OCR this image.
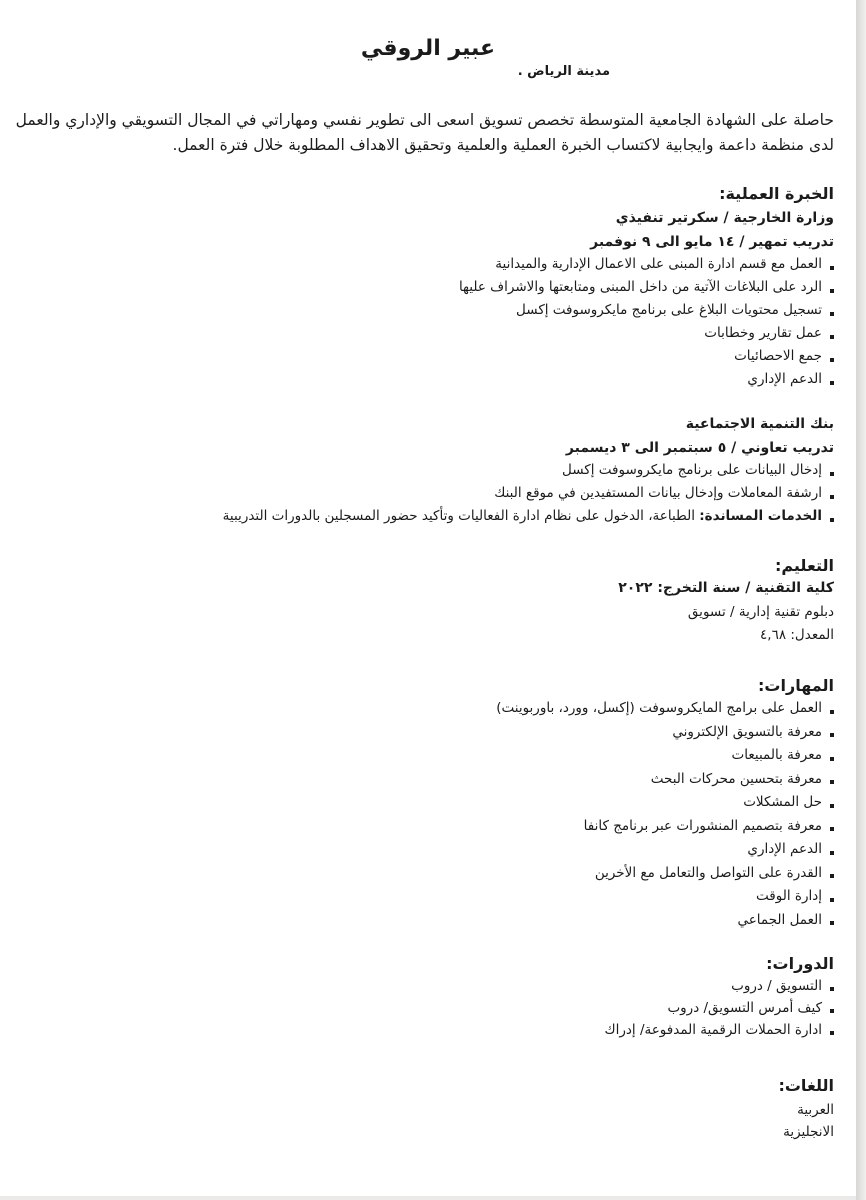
عبير الروقي
مدينة الرياض .
حاصلة على الشهادة الجامعية المتوسطة تخصص تسويق اسعى الى تطوير نفسي ومهاراتي في المجال التسويقي والإداري والعمل لدى منظمة داعمة وايجابية لاكتساب الخبرة العملية والعلمية وتحقيق الاهداف المطلوبة خلال فترة العمل.
الخبرة العملية:
وزارة الخارجية / سكرتير تنفيذي
تدريب تمهير / ١٤ مايو الى ٩ نوفمبر
العمل مع قسم ادارة المبنى على الاعمال الإدارية والميدانية
الرد على البلاغات الآتية من داخل المبنى ومتابعتها والاشراف عليها
تسجيل محتويات البلاغ على برنامج مايكروسوفت إكسل
عمل تقارير وخطابات
جمع الاحصائيات
الدعم الإداري
بنك التنمية الاجتماعية
تدريب تعاوني / ٥ سبتمبر الى ٣ ديسمبر
إدخال البيانات على برنامج مايكروسوفت إكسل
ارشفة المعاملات وإدخال بيانات المستفيدين في موقع البنك
الخدمات المساندة: الطباعة، الدخول على نظام ادارة الفعاليات وتأكيد حضور المسجلين بالدورات التدريبية
التعليم:
كلية التقنية / سنة التخرج: ٢٠٢٢
دبلوم تقنية إدارية / تسويق
المعدل: ٤,٦٨
المهارات:
العمل على برامج المايكروسوفت (إكسل، وورد، باوربوينت)
معرفة بالتسويق الإلكتروني
معرفة بالمبيعات
معرفة بتحسين محركات البحث
حل المشكلات
معرفة بتصميم المنشورات عبر برنامج كانفا
الدعم الإداري
القدرة على التواصل والتعامل مع الأخرين
إدارة الوقت
العمل الجماعي
الدورات:
التسويق / دروب
كيف أمرس التسويق/ دروب
ادارة الحملات الرقمية المدفوعة/ إدراك
اللغات:
العربية
الانجليزية
